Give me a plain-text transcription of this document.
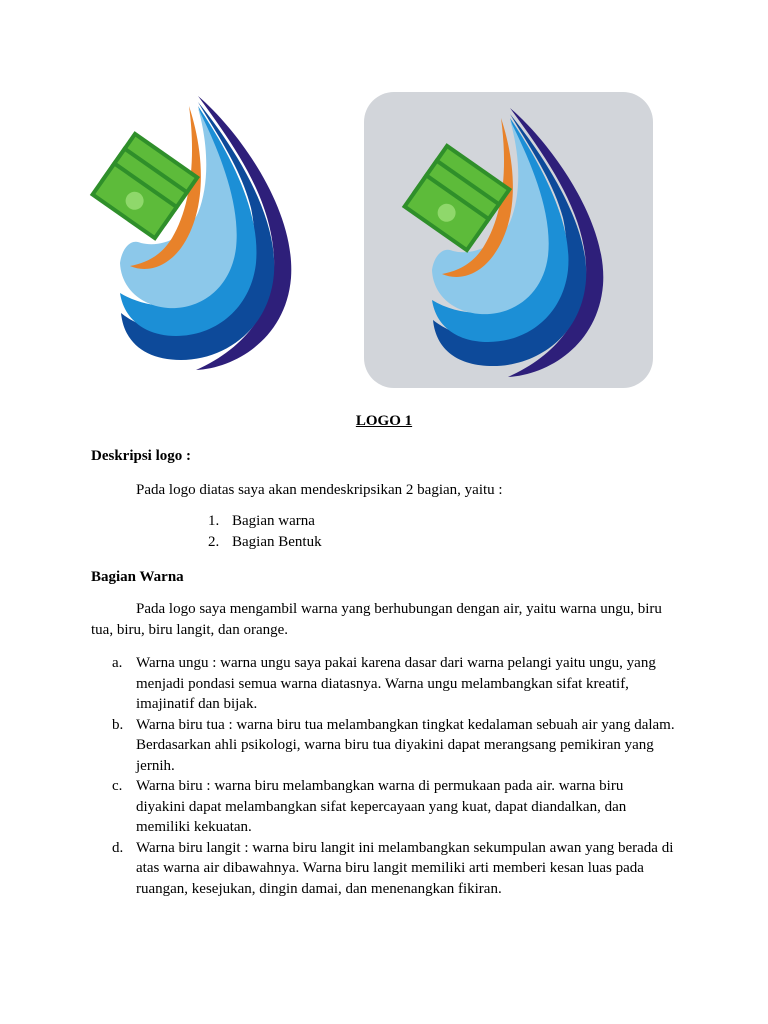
LOGO 1
Deskripsi logo :
Pada logo diatas saya akan mendeskripsikan 2 bagian, yaitu :
1. Bagian warna
2. Bagian Bentuk
Bagian Warna
Pada logo saya mengambil warna yang berhubungan dengan air, yaitu warna ungu, biru
tua, biru, biru langit, dan orange.
a. Warna ungu : warna ungu saya pakai karena dasar dari warna pelangi yaitu ungu, yang
menjadi pondasi semua warna diatasnya. Warna ungu melambangkan sifat kreatif,
imajinatif dan bijak.
b. Warna biru tua : warna biru tua melambangkan tingkat kedalaman sebuah air yang dalam.
Berdasarkan ahli psikologi, warna biru tua diyakini dapat merangsang pemikiran yang
jernih.
c. Warna biru : warna biru melambangkan warna di permukaan pada air. warna biru
diyakini dapat melambangkan sifat kepercayaan yang kuat, dapat diandalkan, dan
memiliki kekuatan.
d. Warna biru langit : warna biru langit ini melambangkan sekumpulan awan yang berada di
atas warna air dibawahnya. Warna biru langit memiliki arti memberi kesan luas pada
ruangan, kesejukan, dingin damai, dan menenangkan fikiran.
